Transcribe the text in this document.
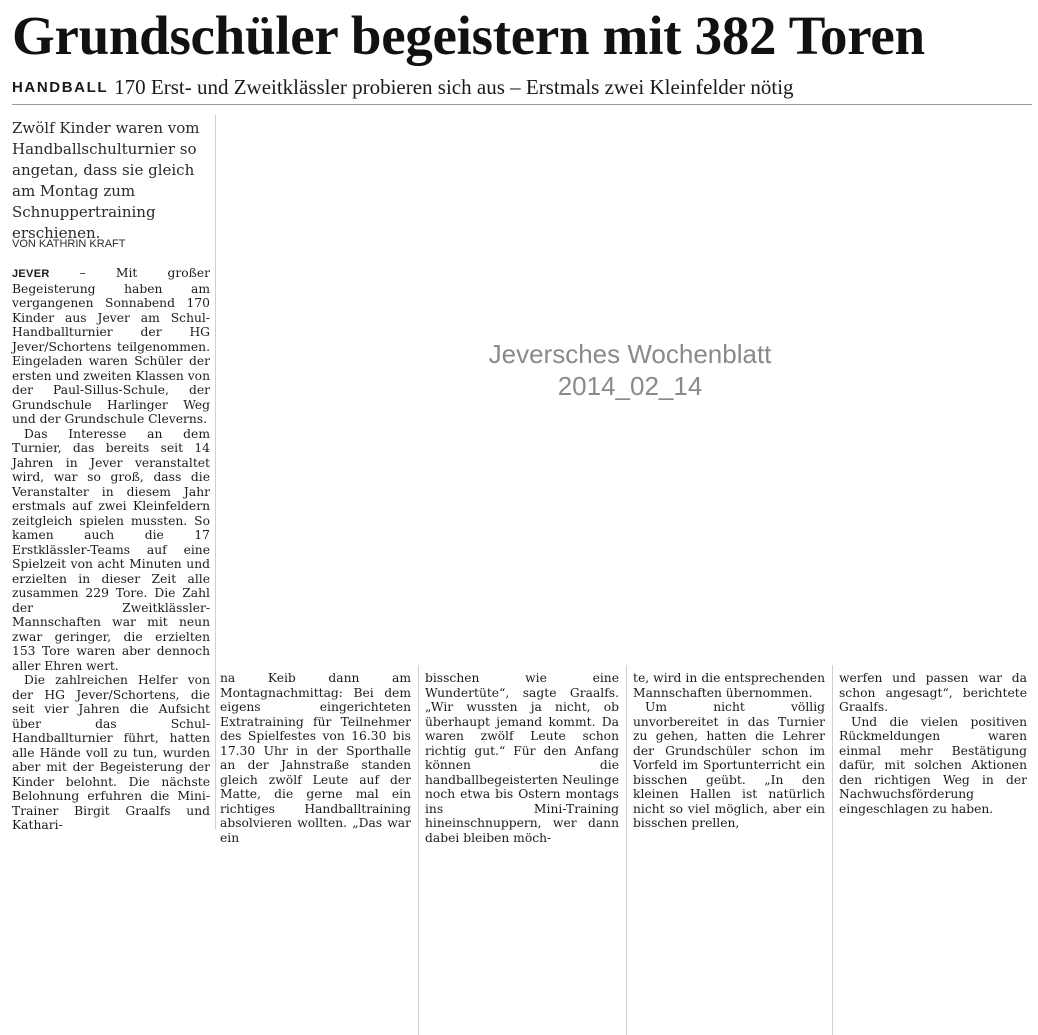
Grundschüler begeistern mit 382 Toren
HANDBALL 170 Erst- und Zweitklässler probieren sich aus – Erstmals zwei Kleinfelder nötig

Zwölf Kinder waren vom Handballschulturnier so angetan, dass sie gleich am Montag zum Schnuppertraining erschienen.

VON KATHRIN KRAFT

JEVER – Mit großer Begeisterung haben am vergangenen Sonnabend 170 Kinder aus Jever am Schul-Handballturnier der HG Jever/Schortens teilgenommen. Eingeladen waren Schüler der ersten und zweiten Klassen von der Paul-Sillus-Schule, der Grundschule Harlinger Weg und der Grundschule Cleverns.

Das Interesse an dem Turnier, das bereits seit 14 Jahren in Jever veranstaltet wird, war so groß, dass die Veranstalter in diesem Jahr erstmals auf zwei Kleinfeldern zeitgleich spielen mussten. So kamen auch die 17 Erstklässler-Teams auf eine Spielzeit von acht Minuten und erzielten in dieser Zeit alle zusammen 229 Tore. Die Zahl der Zweitklässler-Mannschaften war mit neun zwar geringer, die erzielten 153 Tore waren aber dennoch aller Ehren wert.

Die zahlreichen Helfer von der HG Jever/Schortens, die seit vier Jahren die Aufsicht über das Schul-Handballturnier führt, hatten alle Hände voll zu tun, wurden aber mit der Begeisterung der Kinder belohnt. Die nächste Belohnung erfuhren die Mini-Trainer Birgit Graalfs und Kathari-

na Keib dann am Montagnachmittag: Bei dem eigens eingerichteten Extratraining für Teilnehmer des Spielfestes von 16.30 bis 17.30 Uhr in der Sporthalle an der Jahnstraße standen gleich zwölf Leute auf der Matte, die gerne mal ein richtiges Handballtraining absolvieren wollten. „Das war ein

bisschen wie eine Wundertüte“, sagte Graalfs. „Wir wussten ja nicht, ob überhaupt jemand kommt. Da waren zwölf Leute schon richtig gut.“ Für den Anfang können die handballbegeisterten Neulinge noch etwa bis Ostern montags ins Mini-Training hineinschnuppern, wer dann dabei bleiben möch-

te, wird in die entsprechenden Mannschaften übernommen.

Um nicht völlig unvorbereitet in das Turnier zu gehen, hatten die Lehrer der Grundschüler schon im Vorfeld im Sportunterricht ein bisschen geübt. „In den kleinen Hallen ist natürlich nicht so viel möglich, aber ein bisschen prellen,

werfen und passen war da schon angesagt“, berichtete Graalfs.

Und die vielen positiven Rückmeldungen waren einmal mehr Bestätigung dafür, mit solchen Aktionen den richtigen Weg in der Nachwuchsförderung eingeschlagen zu haben.

Jeversches Wochenblatt
2014_02_14
